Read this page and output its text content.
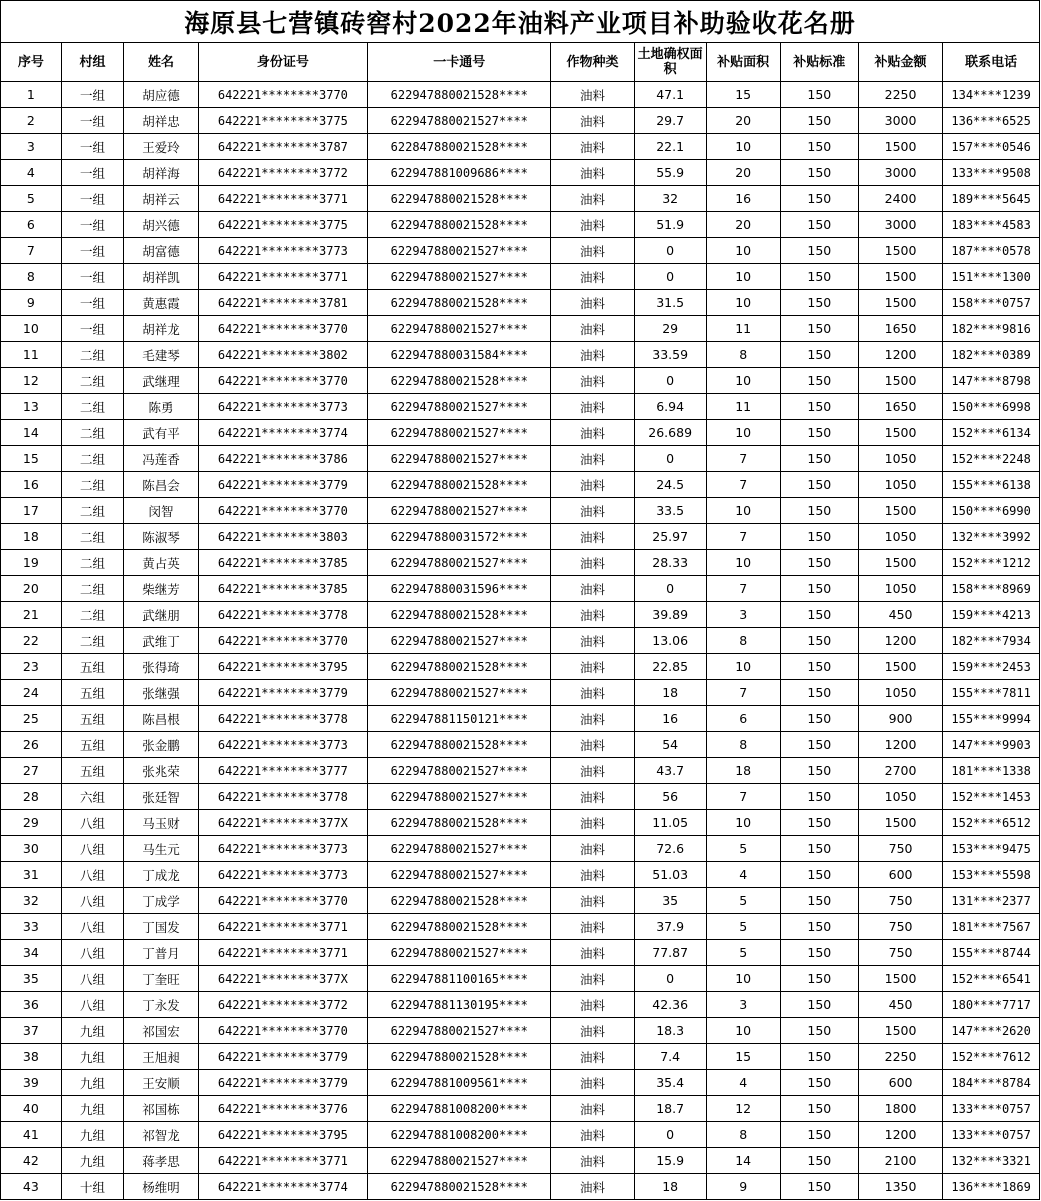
海原县七营镇砖窖村2022年油料产业项目补助验收花名册
序号	村组	姓名	身份证号	一卡通号	作物种类	土地确权面积	补贴面积	补贴标准	补贴金额	联系电话
1	一组	胡应德	642221********3770	622947880021528****	油料	47.1	15	150	2250	134****1239
2	一组	胡祥忠	642221********3775	622947880021527****	油料	29.7	20	150	3000	136****6525
3	一组	王爱玲	642221********3787	622847880021528****	油料	22.1	10	150	1500	157****0546
4	一组	胡祥海	642221********3772	622947881009686****	油料	55.9	20	150	3000	133****9508
5	一组	胡祥云	642221********3771	622947880021528****	油料	32	16	150	2400	189****5645
6	一组	胡兴德	642221********3775	622947880021528****	油料	51.9	20	150	3000	183****4583
7	一组	胡富德	642221********3773	622947880021527****	油料	0	10	150	1500	187****0578
8	一组	胡祥凯	642221********3771	622947880021527****	油料	0	10	150	1500	151****1300
9	一组	黄惠霞	642221********3781	622947880021528****	油料	31.5	10	150	1500	158****0757
10	一组	胡祥龙	642221********3770	622947880021527****	油料	29	11	150	1650	182****9816
11	二组	毛建琴	642221********3802	622947880031584****	油料	33.59	8	150	1200	182****0389
12	二组	武继理	642221********3770	622947880021528****	油料	0	10	150	1500	147****8798
13	二组	陈勇	642221********3773	622947880021527****	油料	6.94	11	150	1650	150****6998
14	二组	武有平	642221********3774	622947880021527****	油料	26.689	10	150	1500	152****6134
15	二组	冯莲香	642221********3786	622947880021527****	油料	0	7	150	1050	152****2248
16	二组	陈昌会	642221********3779	622947880021528****	油料	24.5	7	150	1050	155****6138
17	二组	闵智	642221********3770	622947880021527****	油料	33.5	10	150	1500	150****6990
18	二组	陈淑琴	642221********3803	622947880031572****	油料	25.97	7	150	1050	132****3992
19	二组	黄占英	642221********3785	622947880021527****	油料	28.33	10	150	1500	152****1212
20	二组	柴继芳	642221********3785	622947880031596****	油料	0	7	150	1050	158****8969
21	二组	武继朋	642221********3778	622947880021528****	油料	39.89	3	150	450	159****4213
22	二组	武维丁	642221********3770	622947880021527****	油料	13.06	8	150	1200	182****7934
23	五组	张得琦	642221********3795	622947880021528****	油料	22.85	10	150	1500	159****2453
24	五组	张继强	642221********3779	622947880021527****	油料	18	7	150	1050	155****7811
25	五组	陈昌根	642221********3778	622947881150121****	油料	16	6	150	900	155****9994
26	五组	张金鹏	642221********3773	622947880021528****	油料	54	8	150	1200	147****9903
27	五组	张兆荣	642221********3777	622947880021527****	油料	43.7	18	150	2700	181****1338
28	六组	张廷智	642221********3778	622947880021527****	油料	56	7	150	1050	152****1453
29	八组	马玉财	642221********377X	622947880021528****	油料	11.05	10	150	1500	152****6512
30	八组	马生元	642221********3773	622947880021527****	油料	72.6	5	150	750	153****9475
31	八组	丁成龙	642221********3773	622947880021527****	油料	51.03	4	150	600	153****5598
32	八组	丁成学	642221********3770	622947880021528****	油料	35	5	150	750	131****2377
33	八组	丁国发	642221********3771	622947880021528****	油料	37.9	5	150	750	181****7567
34	八组	丁普月	642221********3771	622947880021527****	油料	77.87	5	150	750	155****8744
35	八组	丁奎旺	642221********377X	622947881100165****	油料	0	10	150	1500	152****6541
36	八组	丁永发	642221********3772	622947881130195****	油料	42.36	3	150	450	180****7717
37	九组	祁国宏	642221********3770	622947880021527****	油料	18.3	10	150	1500	147****2620
38	九组	王旭昶	642221********3779	622947880021528****	油料	7.4	15	150	2250	152****7612
39	九组	王安顺	642221********3779	622947881009561****	油料	35.4	4	150	600	184****8784
40	九组	祁国栋	642221********3776	622947881008200****	油料	18.7	12	150	1800	133****0757
41	九组	祁智龙	642221********3795	622947881008200****	油料	0	8	150	1200	133****0757
42	九组	蒋孝思	642221********3771	622947880021527****	油料	15.9	14	150	2100	132****3321
43	十组	杨维明	642221********3774	622947880021528****	油料	18	9	150	1350	136****1869
